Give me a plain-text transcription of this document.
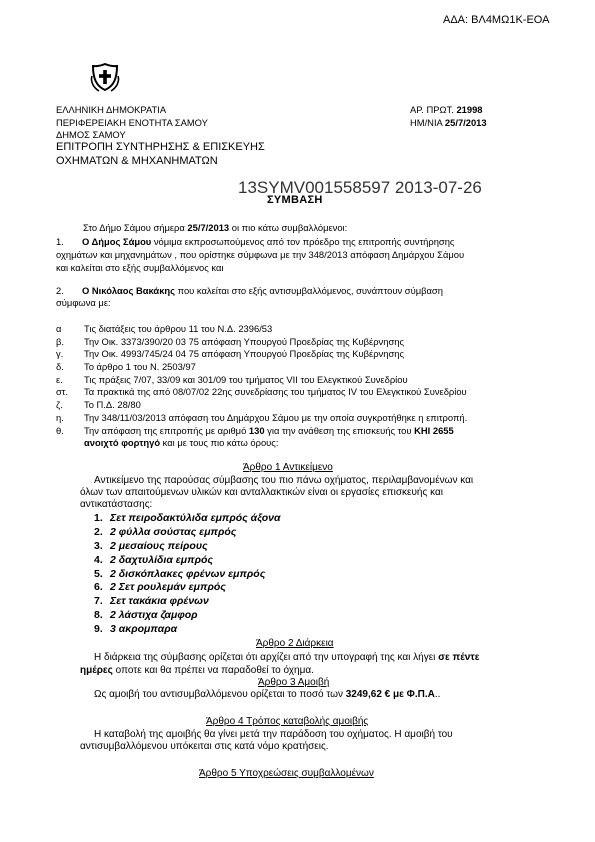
ΑΔΑ: ΒΛ4ΜΩ1Κ-ΕΟΑ
ΕΛΛΗΝΙΚΗ ΔΗΜΟΚΡΑΤΙΑ
ΠΕΡΙΦΕΡΕΙΑΚΗ ΕΝΟΤΗΤΑ ΣΑΜΟΥ
ΔΗΜΟΣ ΣΑΜΟΥ
ΕΠΙΤΡΟΠΗ ΣΥΝΤΗΡΗΣΗΣ & ΕΠΙΣΚΕΥΗΣ
ΟΧΗΜΑΤΩΝ & ΜΗΧΑΝΗΜΑΤΩΝ
ΑΡ. ΠΡΩΤ. 21998
ΗΜ/ΝΙΑ 25/7/2013
13SYMV001558597 2013-07-26
ΣΥΜΒΑΣΗ
Στο Δήμο Σάμου σήμερα 25/7/2013 οι πιο κάτω συμβαλλόμενοι:
1. Ο Δήμος Σάμου νόμιμα εκπροσωπούμενος από τον πρόεδρο της επιτροπής συντήρησης
οχημάτων και μηχανημάτων , που ορίστηκε σύμφωνα με την 348/2013 απόφαση Δημάρχου Σάμου
και καλείται στο εξής συμβαλλόμενος και
2. Ο Νικόλαος Βακάκης που καλείται στο εξής αντισυμβαλλόμενος, συνάπτουν σύμβαση
σύμφωνα με:
α Τις διατάξεις του άρθρου 11 του Ν.Δ. 2396/53
β. Την Οικ. 3373/390/20 03 75 απόφαση Υπουργού Προεδρίας της Κυβέρνησης
γ. Την Οικ. 4993/745/24 04 75 απόφαση Υπουργού Προεδρίας της Κυβέρνησης
δ. Το άρθρο 1 του Ν. 2503/97
ε. Τις πράξεις 7/07, 33/09 και 301/09 του τμήματος VII του Ελεγκτικού Συνεδρίου
στ. Τα πρακτικά της από 08/07/02 22ης συνεδρίασης του τμήματος IV του Ελεγκτικού Συνεδρίου
ζ. Το Π.Δ. 28/80
η. Την 348/11/03/2013 απόφαση του Δημάρχου Σάμου με την οποία συγκροτήθηκε η επιτροπή.
θ. Την απόφαση της επιτροπής με αριθμό 130 για την ανάθεση της επισκευής του ΚΗΙ 2655
ανοιχτό φορτηγό και με τους πιο κάτω όρους:
Άρθρο 1 Αντικείμενο
Αντικείμενο της παρούσας σύμβασης του πιο πάνω οχήματος, περιλαμβανομένων και
όλων των απαιτούμενων υλικών και ανταλλακτικών είναι οι εργασίες επισκευής και
αντικατάστασης:
1. Σετ πειροδακτύλιδα εμπρός άξονα
2. 2 φύλλα σούστας εμπρός
3. 2 μεσαίους πείρους
4. 2 δαχτυλίδια εμπρός
5. 2 δισκόπλακες φρένων εμπρός
6. 2 Σετ ρουλεμάν εμπρός
7. Σετ τακάκια φρένων
8. 2 λάστιχα ζαμφορ
9. 3 ακρομπαρα
Άρθρο 2 Διάρκεια
Η διάρκεια της σύμβασης ορίζεται ότι αρχίζει από την υπογραφή της και λήγει σε πέντε
ημέρες οποτε και θα πρέπει να παραδοθεί το όχημα.
Άρθρο 3 Αμοιβή
Ως αμοιβή του αντισυμβαλλόμενου ορίζεται το ποσό των 3249,62 € με Φ.Π.Α..
Άρθρο 4 Τρόπος καταβολής αμοιβής
Η καταβολή της αμοιβής θα γίνει μετά την παράδοση του οχήματος. Η αμοιβή του
αντισυμβαλλόμενου υπόκειται στις κατά νόμο κρατήσεις.
Άρθρο 5 Υποχρεώσεις συμβαλλομένων
